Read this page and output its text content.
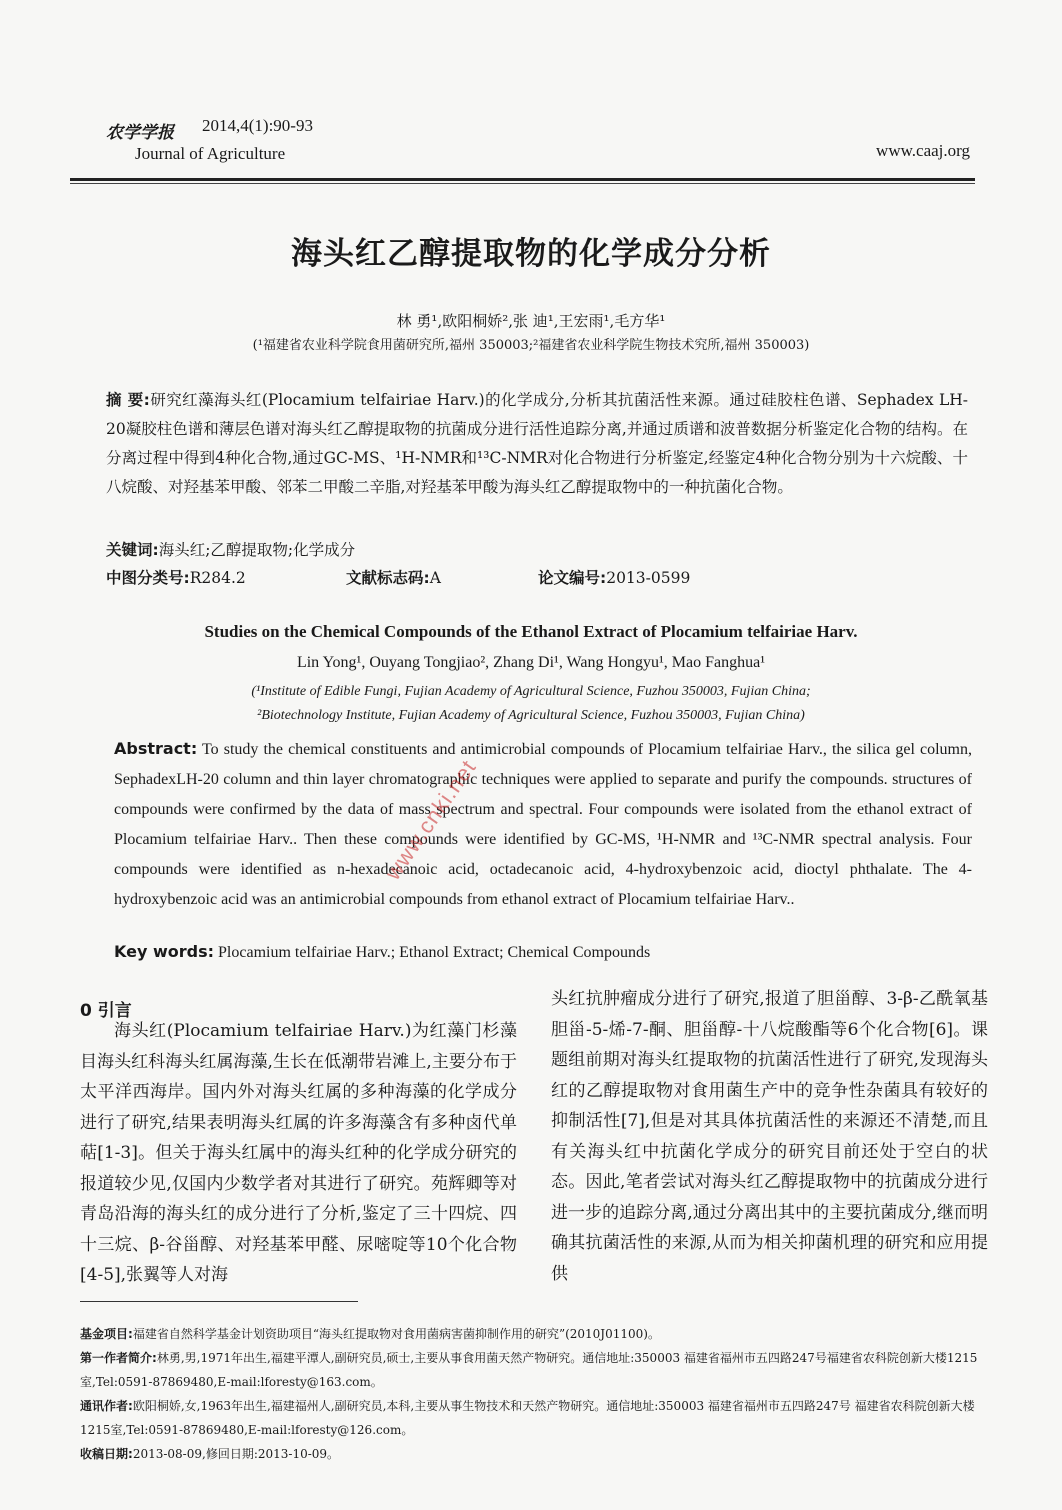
农学学报 2014,4(1):90-93
Journal of Agriculture	www.caaj.org
海头红乙醇提取物的化学成分分析
林 勇¹,欧阳桐娇²,张 迪¹,王宏雨¹,毛方华¹
(¹福建省农业科学院食用菌研究所,福州 350003;²福建省农业科学院生物技术究所,福州 350003)
摘 要:研究红藻海头红(Plocamium telfairiae Harv.)的化学成分,分析其抗菌活性来源。通过硅胶柱色谱、Sephadex LH-20凝胶柱色谱和薄层色谱对海头红乙醇提取物的抗菌成分进行活性追踪分离,并通过质谱和波普数据分析鉴定化合物的结构。在分离过程中得到4种化合物,通过GC-MS、¹H-NMR和¹³C-NMR对化合物进行分析鉴定,经鉴定4种化合物分别为十六烷酸、十八烷酸、对羟基苯甲酸、邻苯二甲酸二辛脂,对羟基苯甲酸为海头红乙醇提取物中的一种抗菌化合物。
关键词:海头红;乙醇提取物;化学成分
中图分类号:R284.2	文献标志码:A	论文编号:2013-0599
Studies on the Chemical Compounds of the Ethanol Extract of Plocamium telfairiae Harv.
Lin Yong¹, Ouyang Tongjiao², Zhang Di¹, Wang Hongyu¹, Mao Fanghua¹
(¹Institute of Edible Fungi, Fujian Academy of Agricultural Science, Fuzhou 350003, Fujian China;
²Biotechnology Institute, Fujian Academy of Agricultural Science, Fuzhou 350003, Fujian China)
Abstract: To study the chemical constituents and antimicrobial compounds of Plocamium telfairiae Harv., the silica gel column, SephadexLH-20 column and thin layer chromatographic techniques were applied to separate and purify the compounds. structures of compounds were confirmed by the data of mass spectrum and spectral. Four compounds were isolated from the ethanol extract of Plocamium telfairiae Harv.. Then these compounds were identified by GC-MS, ¹H-NMR and ¹³C-NMR spectral analysis. Four compounds were identified as n-hexadecanoic acid, octadecanoic acid, 4-hydroxybenzoic acid, dioctyl phthalate. The 4-hydroxybenzoic acid was an antimicrobial compounds from ethanol extract of Plocamium telfairiae Harv..
Key words: Plocamium telfairiae Harv.; Ethanol Extract; Chemical Compounds
0 引言
海头红(Plocamium telfairiae Harv.)为红藻门杉藻目海头红科海头红属海藻,生长在低潮带岩滩上,主要分布于太平洋西海岸。国内外对海头红属的多种海藻的化学成分进行了研究,结果表明海头红属的许多海藻含有多种卤代单萜[1-3]。但关于海头红属中的海头红种的化学成分研究的报道较少见,仅国内少数学者对其进行了研究。苑辉卿等对青岛沿海的海头红的成分进行了分析,鉴定了三十四烷、四十三烷、β-谷甾醇、对羟基苯甲醛、尿嘧啶等10个化合物[4-5],张翼等人对海
头红抗肿瘤成分进行了研究,报道了胆甾醇、3-β-乙酰氧基胆甾-5-烯-7-酮、胆甾醇-十八烷酸酯等6个化合物[6]。课题组前期对海头红提取物的抗菌活性进行了研究,发现海头红的乙醇提取物对食用菌生产中的竞争性杂菌具有较好的抑制活性[7],但是对其具体抗菌活性的来源还不清楚,而且有关海头红中抗菌化学成分的研究目前还处于空白的状态。因此,笔者尝试对海头红乙醇提取物中的抗菌成分进行进一步的追踪分离,通过分离出其中的主要抗菌成分,继而明确其抗菌活性的来源,从而为相关抑菌机理的研究和应用提供

基金项目:福建省自然科学基金计划资助项目“海头红提取物对食用菌病害菌抑制作用的研究”(2010J01100)。

第一作者简介:林勇,男,1971年出生,福建平潭人,副研究员,硕士,主要从事食用菌天然产物研究。通信地址:350003 福建省福州市五四路247号福建省农科院创新大楼1215室,Tel:0591-87869480,E-mail:lforesty@163.com。

通讯作者:欧阳桐娇,女,1963年出生,福建福州人,副研究员,本科,主要从事生物技术和天然产物研究。通信地址:350003 福建省福州市五四路247号 福建省农科院创新大楼1215室,Tel:0591-87869480,E-mail:lforesty@126.com。

收稿日期:2013-08-09,修回日期:2013-10-09。

www.cnki.net
